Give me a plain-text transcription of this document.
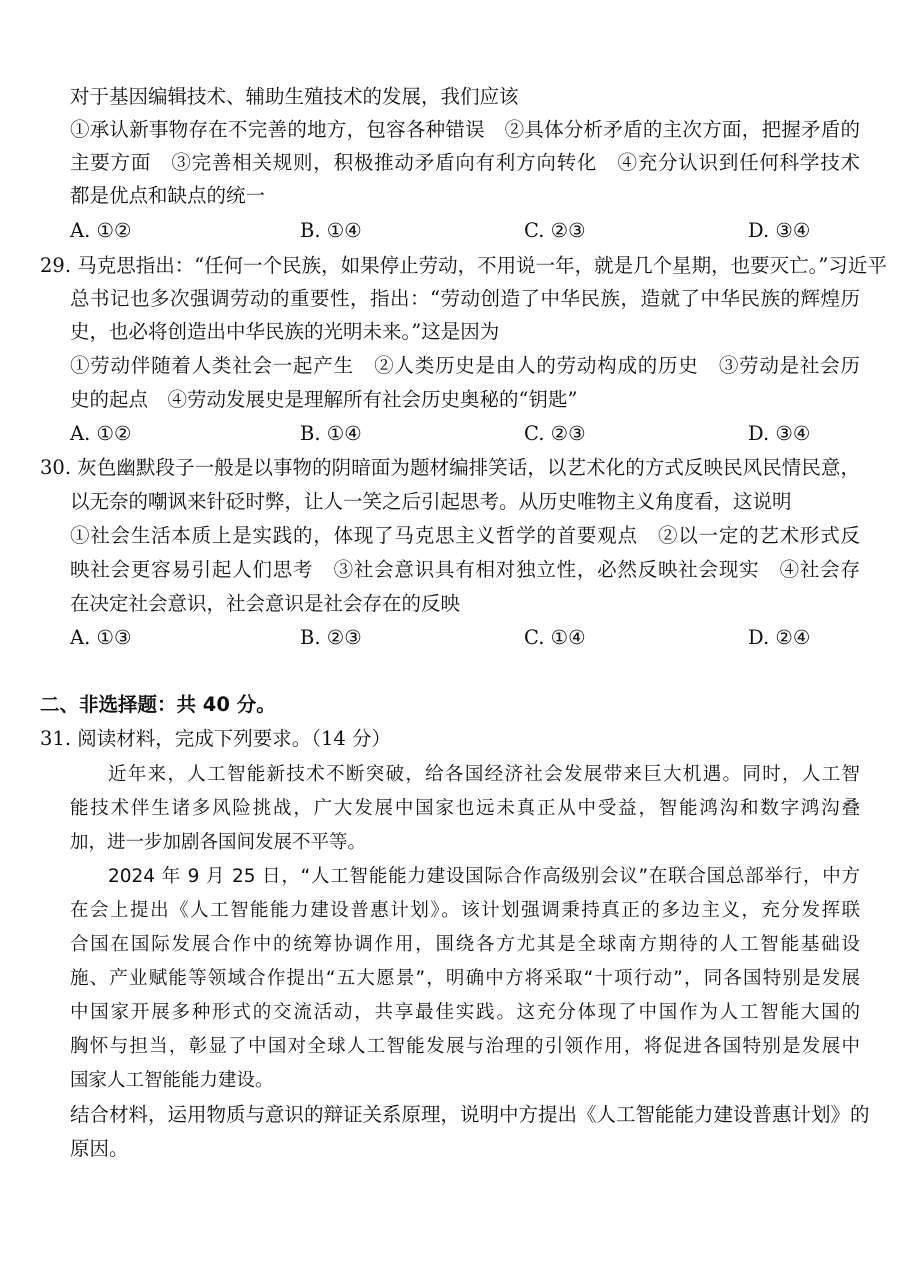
对于基因编辑技术、辅助生殖技术的发展，我们应该
①承认新事物存在不完善的地方，包容各种错误　②具体分析矛盾的主次方面，把握矛盾的
主要方面　③完善相关规则，积极推动矛盾向有利方向转化　④充分认识到任何科学技术
都是优点和缺点的统一
A. ①②	B. ①④	C. ②③	D. ③④
29. 马克思指出：“任何一个民族，如果停止劳动，不用说一年，就是几个星期，也要灭亡。”习近平
总书记也多次强调劳动的重要性，指出：“劳动创造了中华民族，造就了中华民族的辉煌历
史，也必将创造出中华民族的光明未来。”这是因为
①劳动伴随着人类社会一起产生　②人类历史是由人的劳动构成的历史　③劳动是社会历
史的起点　④劳动发展史是理解所有社会历史奥秘的“钥匙”
A. ①②	B. ①④	C. ②③	D. ③④
30. 灰色幽默段子一般是以事物的阴暗面为题材编排笑话，以艺术化的方式反映民风民情民意，
以无奈的嘲讽来针砭时弊，让人一笑之后引起思考。从历史唯物主义角度看，这说明
①社会生活本质上是实践的，体现了马克思主义哲学的首要观点　②以一定的艺术形式反
映社会更容易引起人们思考　③社会意识具有相对独立性，必然反映社会现实　④社会存
在决定社会意识，社会意识是社会存在的反映
A. ①③	B. ②③	C. ①④	D. ②④
二、非选择题：共 40 分。
31. 阅读材料，完成下列要求。（14 分）
近年来，人工智能新技术不断突破，给各国经济社会发展带来巨大机遇。同时，人工智
能技术伴生诸多风险挑战，广大发展中国家也远未真正从中受益，智能鸿沟和数字鸿沟叠
加，进一步加剧各国间发展不平等。
2024 年 9 月 25 日，“人工智能能力建设国际合作高级别会议”在联合国总部举行，中方
在会上提出《人工智能能力建设普惠计划》。该计划强调秉持真正的多边主义，充分发挥联
合国在国际发展合作中的统筹协调作用，围绕各方尤其是全球南方期待的人工智能基础设
施、产业赋能等领域合作提出“五大愿景”，明确中方将采取“十项行动”，同各国特别是发展
中国家开展多种形式的交流活动，共享最佳实践。这充分体现了中国作为人工智能大国的
胸怀与担当，彰显了中国对全球人工智能发展与治理的引领作用，将促进各国特别是发展中
国家人工智能能力建设。
结合材料，运用物质与意识的辩证关系原理，说明中方提出《人工智能能力建设普惠计划》的
原因。
